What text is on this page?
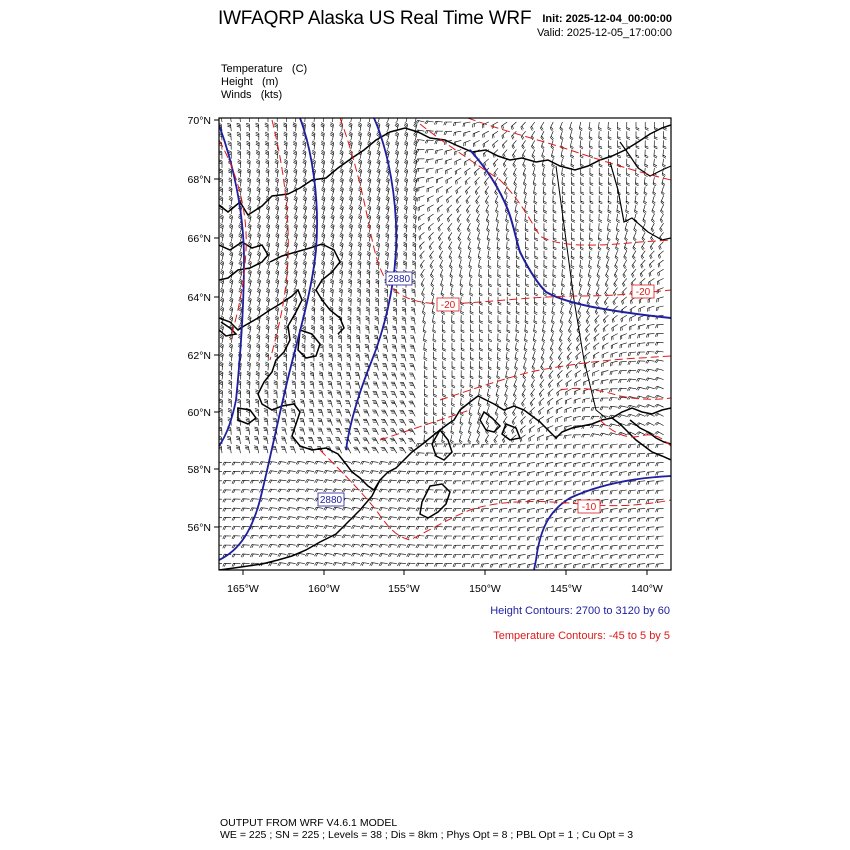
IWFAQRP Alaska US Real Time WRF	Init: 2025-12-04_00:00:00
Valid: 2025-12-05_17:00:00
Temperature   (C)
Height   (m)
Winds   (kts)
2880
2880
-20
-20
-10
70°N
68°N
66°N
64°N
62°N
60°N
58°N
56°N
165°W	160°W	155°W	150°W	145°W	140°W
Height Contours: 2700 to 3120 by 60
Temperature Contours: -45 to 5 by 5
OUTPUT FROM WRF V4.6.1 MODEL
WE = 225 ; SN = 225 ; Levels = 38 ; Dis = 8km ; Phys Opt = 8 ; PBL Opt = 1 ; Cu Opt = 3
